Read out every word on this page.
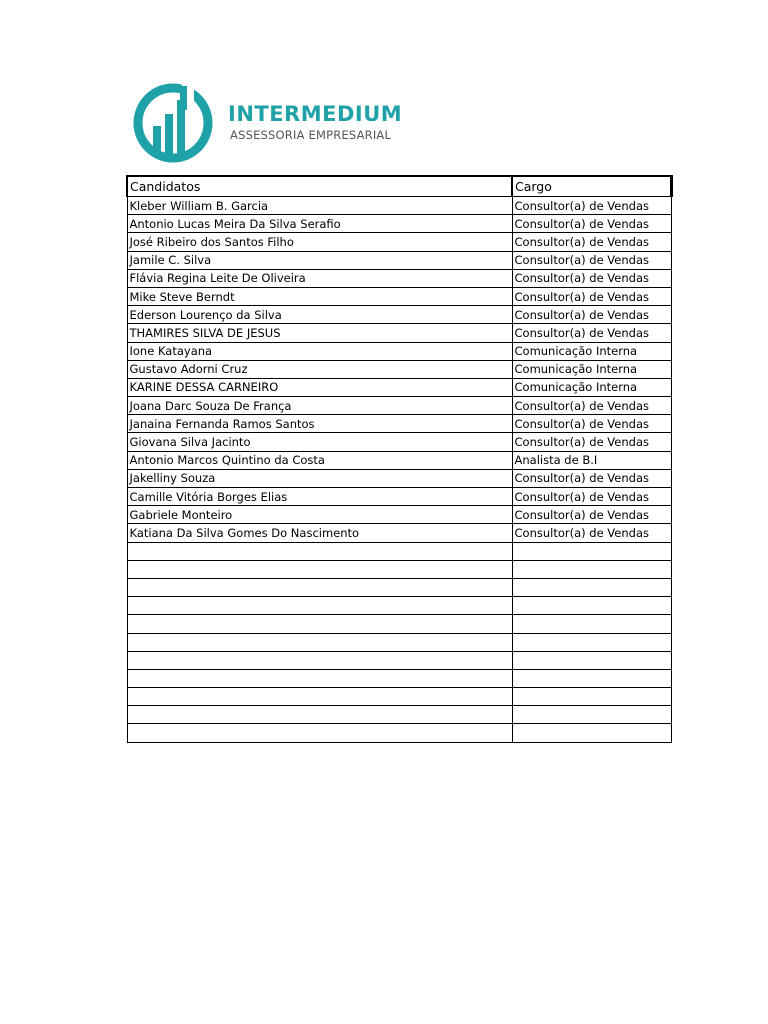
INTERMEDIUM
ASSESSORIA EMPRESARIAL
Candidatos	Cargo
Kleber William B. Garcia	Consultor(a) de Vendas
Antonio Lucas Meira Da Silva Serafio	Consultor(a) de Vendas
José Ribeiro dos Santos Filho	Consultor(a) de Vendas
Jamile C. Silva	Consultor(a) de Vendas
Flávia Regina Leite De Oliveira	Consultor(a) de Vendas
Mike Steve Berndt	Consultor(a) de Vendas
Ederson Lourenço da Silva	Consultor(a) de Vendas
THAMIRES SILVA DE JESUS	Consultor(a) de Vendas
Ione Katayana	Comunicação Interna
Gustavo Adorni Cruz	Comunicação Interna
KARINE DESSA CARNEIRO	Comunicação Interna
Joana Darc Souza De França	Consultor(a) de Vendas
Janaina Fernanda Ramos Santos	Consultor(a) de Vendas
Giovana Silva Jacinto	Consultor(a) de Vendas
Antonio Marcos Quintino da Costa	Analista de B.I
Jakelliny Souza	Consultor(a) de Vendas
Camille Vitória Borges Elias	Consultor(a) de Vendas
Gabriele Monteiro	Consultor(a) de Vendas
Katiana Da Silva Gomes Do Nascimento	Consultor(a) de Vendas
